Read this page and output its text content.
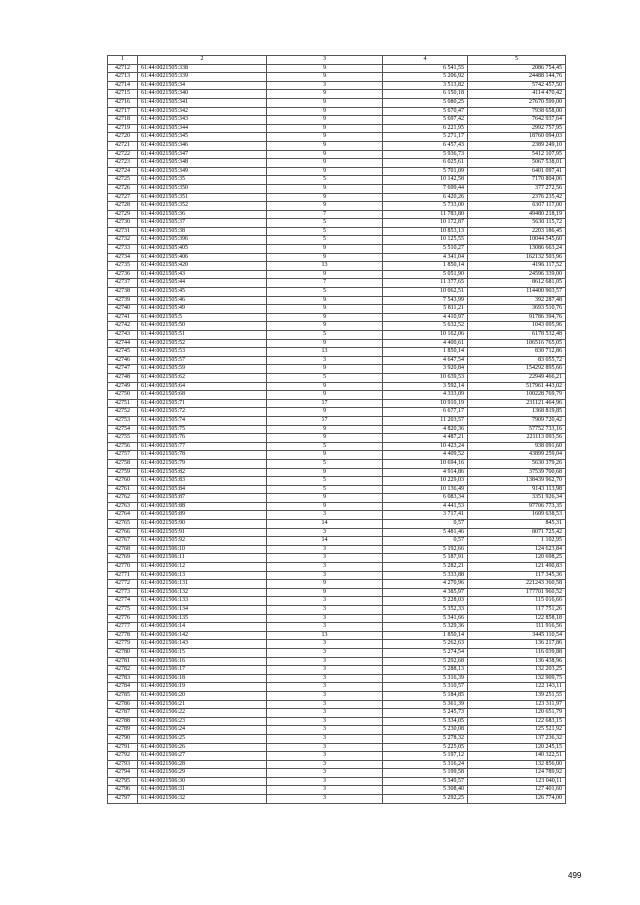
1	2	3	4	5
42712	61:44:0021505:338	9	6 541,55	2086 754,45
42713	61:44:0021505:339	9	5 206,92	24488 144,76
42714	61:44:0021505:34	3	3 513,82	5742 457,50
42715	61:44:0021505:340	9	6 150,18	4114 470,42
42716	61:44:0021505:341	9	5 080,25	27670 599,00
42717	61:44:0021505:342	9	5 670,47	7938 658,00
42718	61:44:0021505:343	9	5 697,42	7642 937,64
42719	61:44:0021505:344	9	6 221,95	2992 757,95
42720	61:44:0021505:345	9	5 271,17	18760 094,03
42721	61:44:0021505:346	9	6 457,43	2389 249,10
42722	61:44:0021505:347	9	5 936,73	5412 107,95
42723	61:44:0021505:348	9	6 025,61	5067 538,01
42724	61:44:0021505:349	9	5 701,09	6401 097,41
42725	61:44:0021505:35	5	10 142,58	7170 804,06
42726	61:44:0021505:350	9	7 699,44	377 272,56
42727	61:44:0021505:351	9	6 420,26	2376 235,42
42728	61:44:0021505:352	9	5 733,00	6307 117,00
42729	61:44:0021505:36	7	11 783,80	49480 218,19
42730	61:44:0021505:37	5	10 172,87	5630 115,72
42731	61:44:0021505:38	5	10 853,13	2203 186,45
42732	61:44:0021505:396	5	10 125,55	10044 545,60
42733	61:44:0021505:405	9	5 510,27	13086 663,24
42734	61:44:0021505:406	9	4 341,04	162132 503,96
42735	61:44:0021505:420	13	1 850,14	4196 117,52
42736	61:44:0021505:43	9	5 051,90	24596 339,00
42737	61:44:0021505:44	7	11 377,65	8612 681,05
42738	61:44:0021505:45	5	10 062,51	114400 903,57
42739	61:44:0021505:46	9	7 543,99	392 287,48
42740	61:44:0021505:49	9	5 811,21	3693 510,76
42741	61:44:0021505:5	9	4 410,97	91786 394,76
42742	61:44:0021505:50	9	5 632,52	1043 095,96
42743	61:44:0021505:51	5	10 162,06	6178 532,48
42744	61:44:0021505:52	9	4 400,61	106516 765,05
42745	61:44:0021505:53	13	1 850,14	830 712,86
42746	61:44:0021505:57	3	4 647,54	83 055,72
42747	61:44:0021505:59	9	3 920,84	154292 895,66
42748	61:44:0021505:62	5	10 639,53	22949 466,21
42749	61:44:0021505:64	9	3 592,14	517961 443,02
42750	61:44:0021505:68	9	4 333,09	100228 769,79
42751	61:44:0021505:71	17	10 910,19	231121 464,96
42752	61:44:0021505:72	9	6 677,17	1368 819,85
42753	61:44:0021505:74	17	11 203,57	7909 720,42
42754	61:44:0021505:75	9	4 820,36	57752 733,16
42755	61:44:0021505:76	9	4 487,21	221113 093,56
42756	61:44:0021505:77	5	10 423,24	938 091,60
42757	61:44:0021505:78	9	4 409,52	43899 259,04
42758	61:44:0021505:79	5	10 694,16	5630 379,26
42759	61:44:0021505:82	9	4 914,86	37539 700,68
42760	61:44:0021505:83	5	10 229,03	138439 962,70
42761	61:44:0021505:84	5	10 136,49	9143 113,98
42762	61:44:0021505:87	9	6 083,34	3351 926,34
42763	61:44:0021505:88	9	4 441,53	97706 773,35
42764	61:44:0021505:89	3	3 717,41	1609 638,53
42765	61:44:0021505:90	14	0,57	845,31
42766	61:44:0021505:91	3	5 481,46	8071 725,42
42767	61:44:0021505:92	14	0,57	1 102,95
42768	61:44:0021506:10	3	5 192,66	124 623,84
42769	61:44:0021506:11	3	5 187,91	120 698,25
42770	61:44:0021506:12	3	5 282,21	121 490,83
42771	61:44:0021506:13	3	5 333,88	117 345,36
42772	61:44:0021506:131	9	4 270,96	221243 360,58
42773	61:44:0021506:132	9	4 385,97	177701 960,52
42774	61:44:0021506:133	3	5 228,03	115 016,66
42775	61:44:0021506:134	3	5 352,33	117 751,26
42776	61:44:0021506:135	3	5 341,66	122 858,18
42777	61:44:0021506:14	3	5 329,36	111 916,56
42778	61:44:0021506:142	13	1 850,14	3445 110,54
42779	61:44:0021506:143	3	5 262,63	136 217,86
42780	61:44:0021506:15	3	5 274,54	116 039,88
42781	61:44:0021506:16	3	5 292,68	136 438,96
42782	61:44:0021506:17	3	5 288,13	132 203,25
42783	61:44:0021506:18	3	5 316,39	132 909,75
42784	61:44:0021506:19	3	5 310,57	122 143,11
42785	61:44:0021506:20	3	5 184,85	139 251,55
42786	61:44:0021506:21	3	5 361,39	123 311,97
42787	61:44:0021506:22	3	5 245,73	120 651,79
42788	61:44:0021506:23	3	5 334,05	122 683,15
42789	61:44:0021506:24	3	5 230,08	125 521,92
42790	61:44:0021506:25	3	5 278,32	137 236,32
42791	61:44:0021506:26	3	5 225,05	120 245,15
42792	61:44:0021506:27	3	5 197,12	140 322,51
42793	61:44:0021506:28	3	5 316,24	132 856,00
42794	61:44:0021506:29	3	5 199,58	124 789,92
42795	61:44:0021506:30	3	5 349,57	123 040,11
42796	61:44:0021506:31	3	5 308,40	127 401,60
42797	61:44:0021506:32	3	5 292,25	126 774,00
499
